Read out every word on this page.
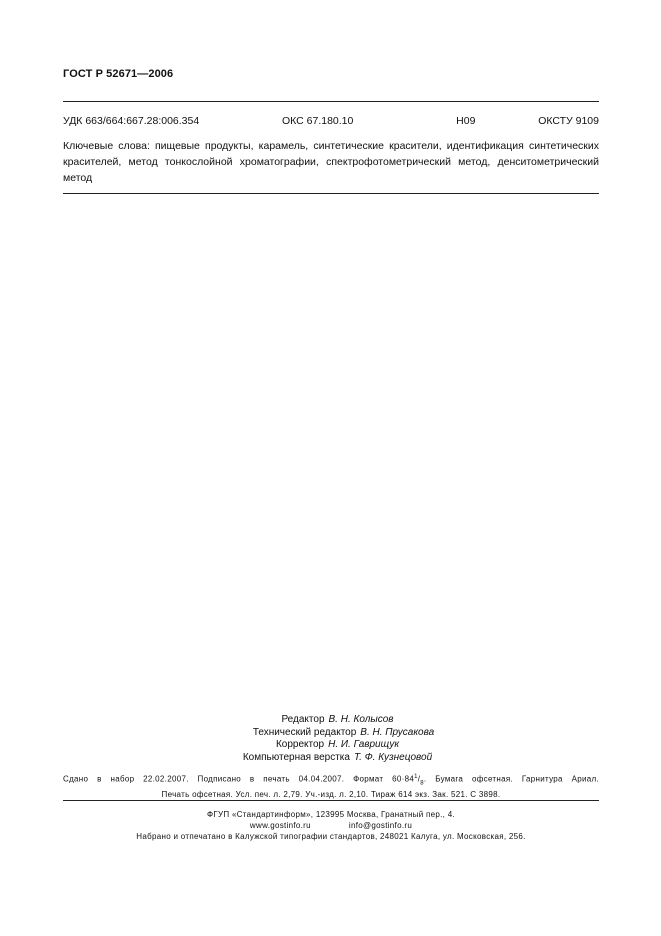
ГОСТ Р 52671—2006
УДК 663/664:667.28:006.354	ОКС 67.180.10	Н09	ОКСТУ 9109
Ключевые слова: пищевые продукты, карамель, синтетические красители, идентификация синтетических
красителей, метод тонкослойной хроматографии, спектрофотометрический метод, денситометрический
метод
Редактор В. Н. Колысов
Технический редактор В. Н. Прусакова
Корректор Н. И. Гаврищук
Компьютерная верстка Т. Ф. Кузнецовой
Сдано в набор 22.02.2007. Подписано в печать 04.04.2007. Формат $60\cdot 84^1/_8$. Бумага офсетная. Гарнитура Ариал.
Печать офсетная. Усл. печ. л. 2,79. Уч.-изд. л. 2,10. Тираж 614 экз. Зак. 521. С 3898.
ФГУП «Стандартинформ», 123995 Москва, Гранатный пер., 4.
www.gostinfo.ru	info@gostinfo.ru
Набрано и отпечатано в Калужской типографии стандартов, 248021 Калуга, ул. Московская, 256.
